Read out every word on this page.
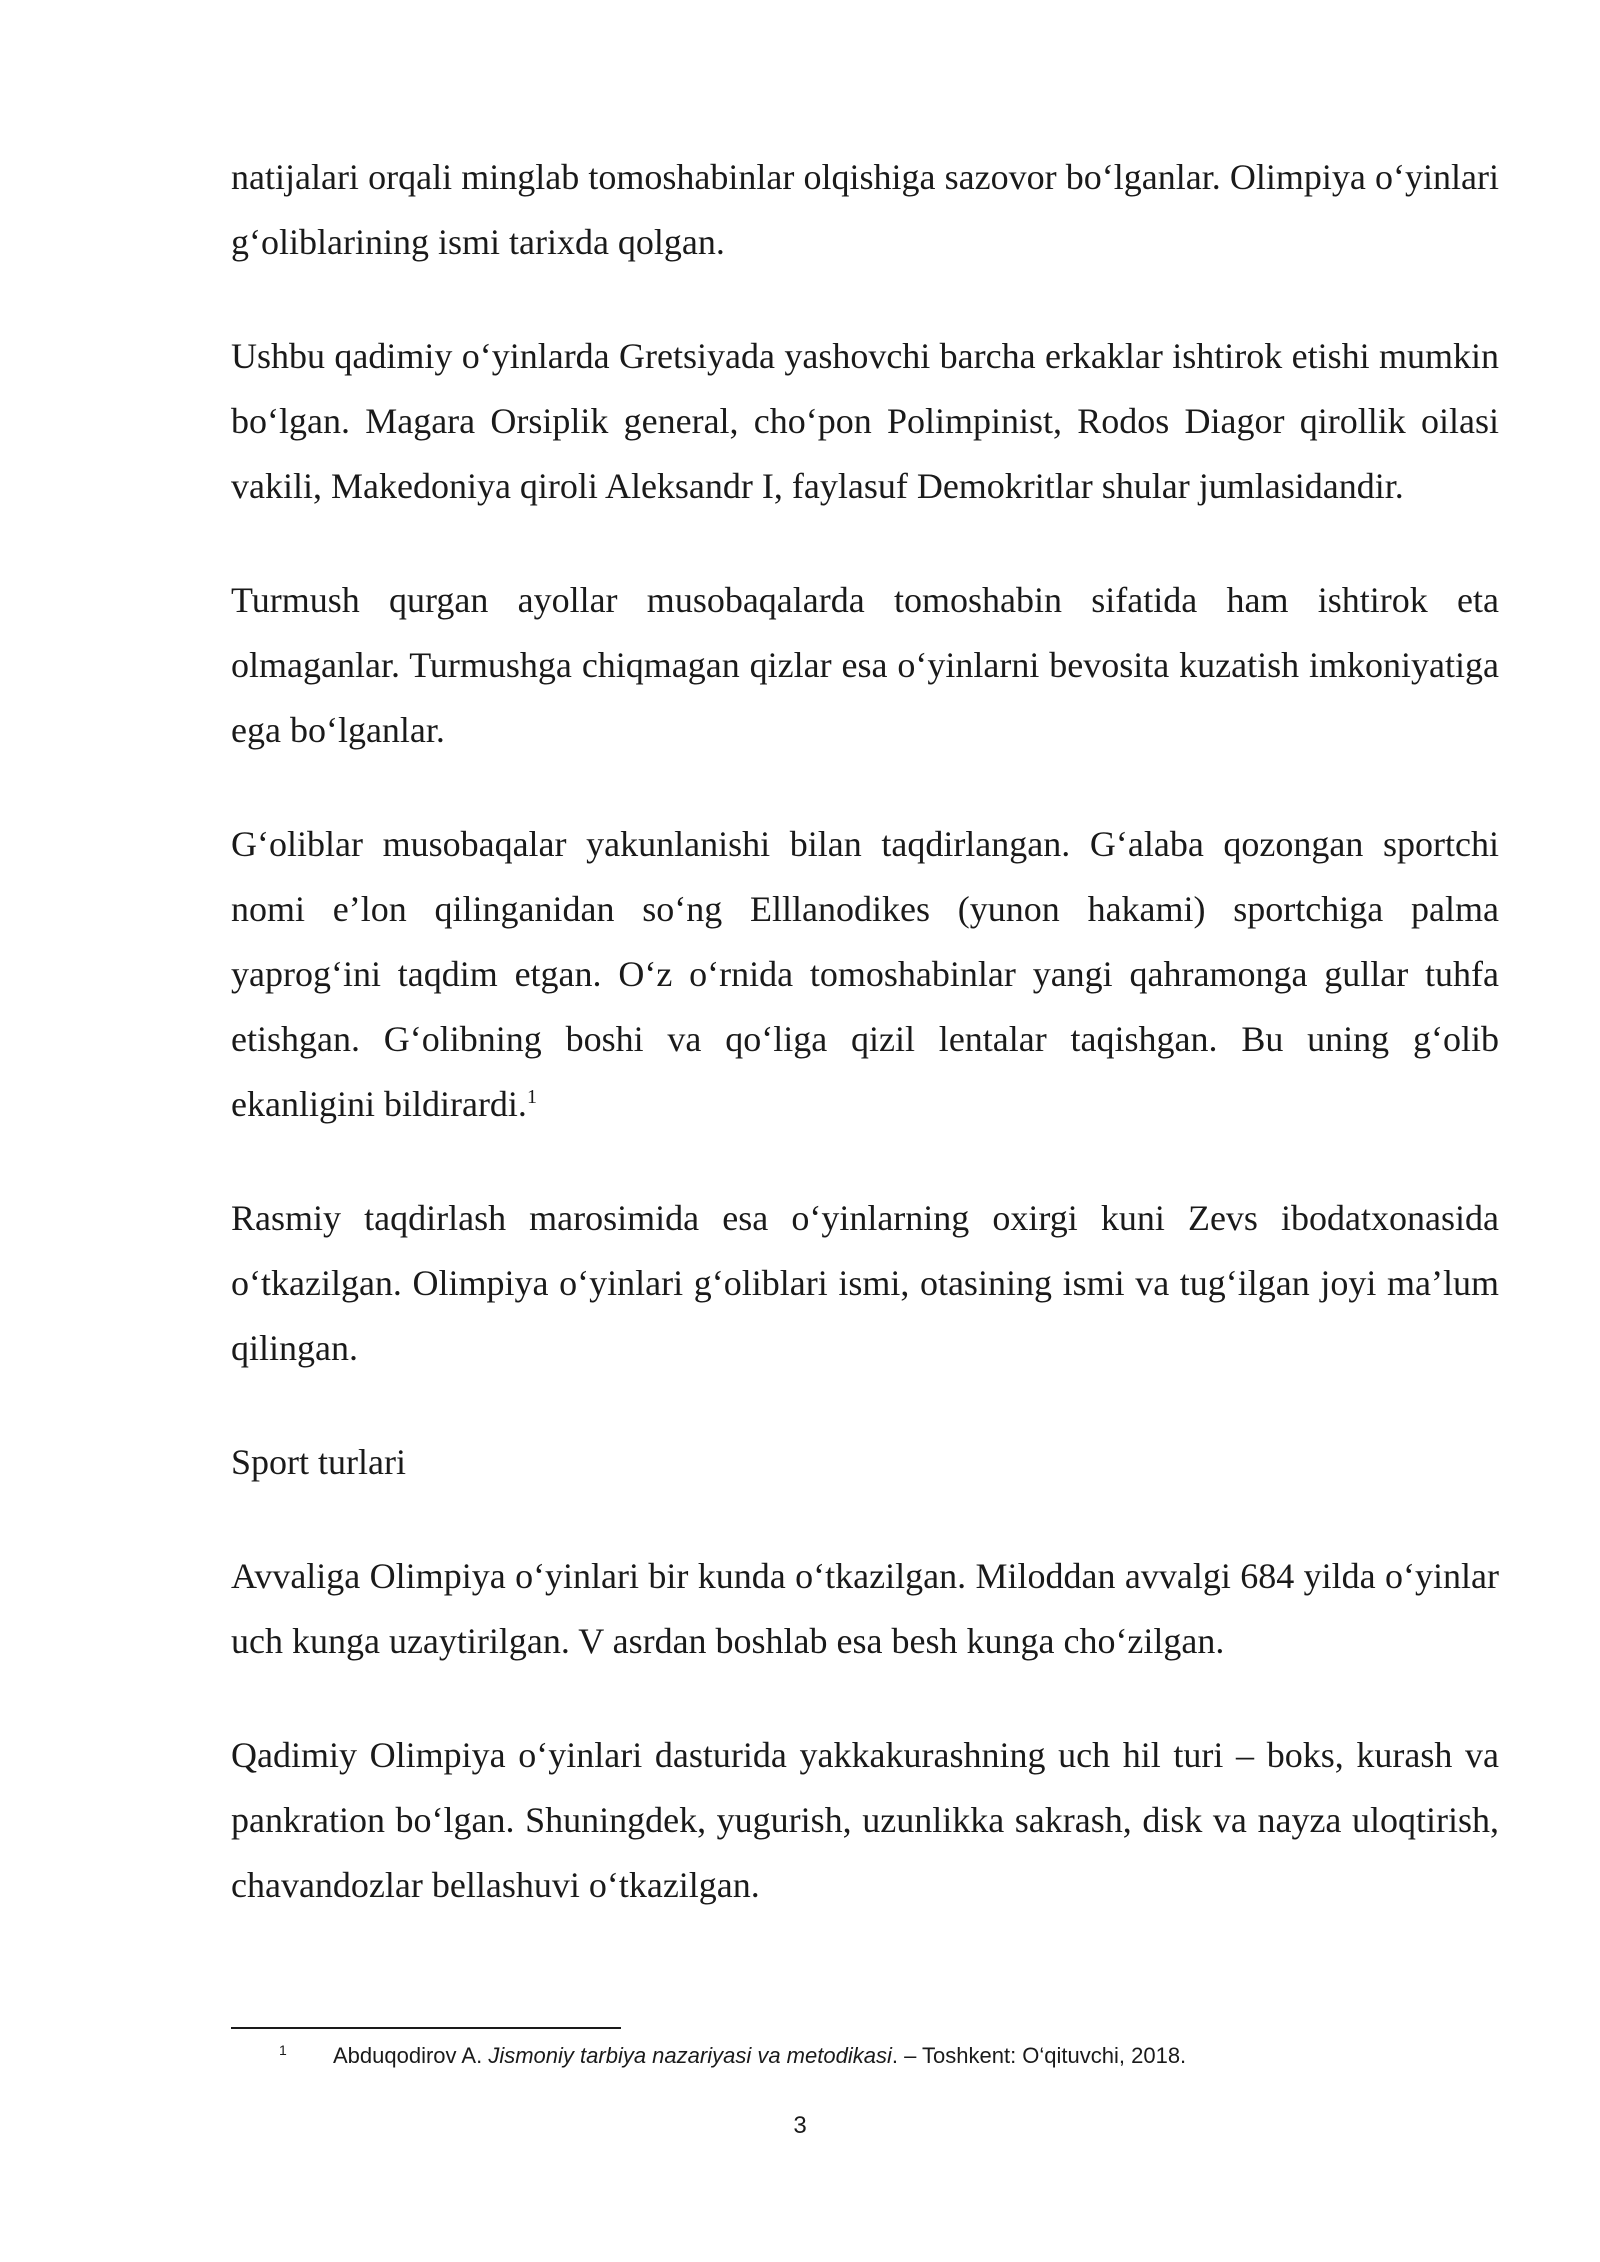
natijalari orqali minglab tomoshabinlar olqishiga sazovor bo‘lganlar. Olimpiya o‘yinlari g‘oliblarining ismi tarixda qolgan.

Ushbu qadimiy o‘yinlarda Gretsiyada yashovchi barcha erkaklar ishtirok etishi mumkin bo‘lgan. Magara Orsiplik general, cho‘pon Polimpinist, Rodos Diagor qirollik oilasi vakili, Makedoniya qiroli Aleksandr I, faylasuf Demokritlar shular jumlasidandir.

Turmush qurgan ayollar musobaqalarda tomoshabin sifatida ham ishtirok eta olmaganlar. Turmushga chiqmagan qizlar esa o‘yinlarni bevosita kuzatish imkoniyatiga ega bo‘lganlar.

G‘oliblar musobaqalar yakunlanishi bilan taqdirlangan. G‘alaba qozongan sportchi nomi e’lon qilinganidan so‘ng Elllanodikes (yunon hakami) sportchiga palma yaprog‘ini taqdim etgan. O‘z o‘rnida tomoshabinlar yangi qahramonga gullar tuhfa etishgan. G‘olibning boshi va qo‘liga qizil lentalar taqishgan. Bu uning g‘olib ekanligini bildirardi.$^1$

Rasmiy taqdirlash marosimida esa o‘yinlarning oxirgi kuni Zevs ibodatxonasida o‘tkazilgan. Olimpiya o‘yinlari g‘oliblari ismi, otasining ismi va tug‘ilgan joyi ma’lum qilingan.

Sport turlari

Avvaliga Olimpiya o‘yinlari bir kunda o‘tkazilgan. Miloddan avvalgi 684 yilda o‘yinlar uch kunga uzaytirilgan. V asrdan boshlab esa besh kunga cho‘zilgan.

Qadimiy Olimpiya o‘yinlari dasturida yakkakurashning uch hil turi – boks, kurash va pankration bo‘lgan. Shuningdek, yugurish, uzunlikka sakrash, disk va nayza uloqtirish, chavandozlar bellashuvi o‘tkazilgan.

1 Abduqodirov A. Jismoniy tarbiya nazariyasi va metodikasi. – Toshkent: O‘qituvchi, 2018.
3
